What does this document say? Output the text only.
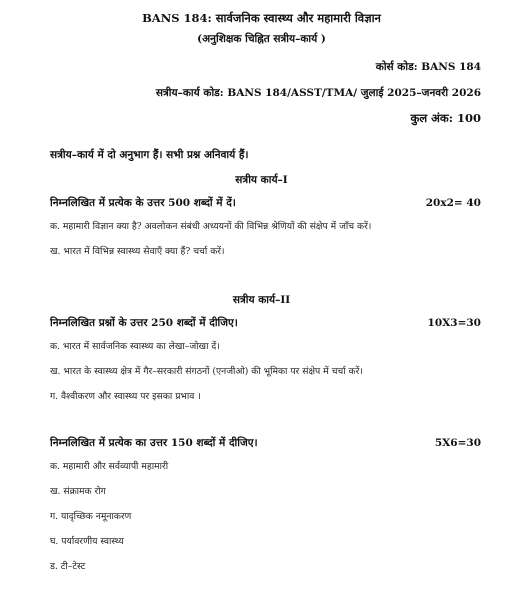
BANS 184: सार्वजनिक स्वास्थ्य और महामारी विज्ञान
(अनुशिक्षक चिह्नित सत्रीय–कार्य )
कोर्स कोड: BANS 184
सत्रीय–कार्य कोड: BANS 184/ASST/TMA/ जुलाई 2025–जनवरी 2026
कुल अंक: 100
सत्रीय–कार्य में दो अनुभाग हैं। सभी प्रश्न अनिवार्य हैं।
सत्रीय कार्य–I
निम्नलिखित में प्रत्येक के उत्तर 500 शब्दों में दें।	20x2= 40
क. महामारी विज्ञान क्या है? अवलोकन संबंधी अध्ययनों की विभिन्न श्रेणियों की संक्षेप में जाँच करें।
ख. भारत में विभिन्न स्वास्थ्य सेवाएँ क्या हैं? चर्चा करें।
सत्रीय कार्य–II
निम्नलिखित प्रश्नों के उत्तर 250 शब्दों में दीजिए।	10X3=30
क. भारत में सार्वजनिक स्वास्थ्य का लेखा–जोखा दें।
ख. भारत के स्वास्थ्य क्षेत्र में गैर–सरकारी संगठनों (एनजीओ) की भूमिका पर संक्षेप में चर्चा करें।
ग. वैश्वीकरण और स्वास्थ्य पर इसका प्रभाव ।
निम्नलिखित में प्रत्येक का उत्तर 150 शब्दों में दीजिए।	5X6=30
क. महामारी और सर्वव्यापी महामारी
ख. संक्रामक रोग
ग. यादृच्छिक नमूनाकरण
घ. पर्यावरणीय स्वास्थ्य
ड. टी–टेस्ट
